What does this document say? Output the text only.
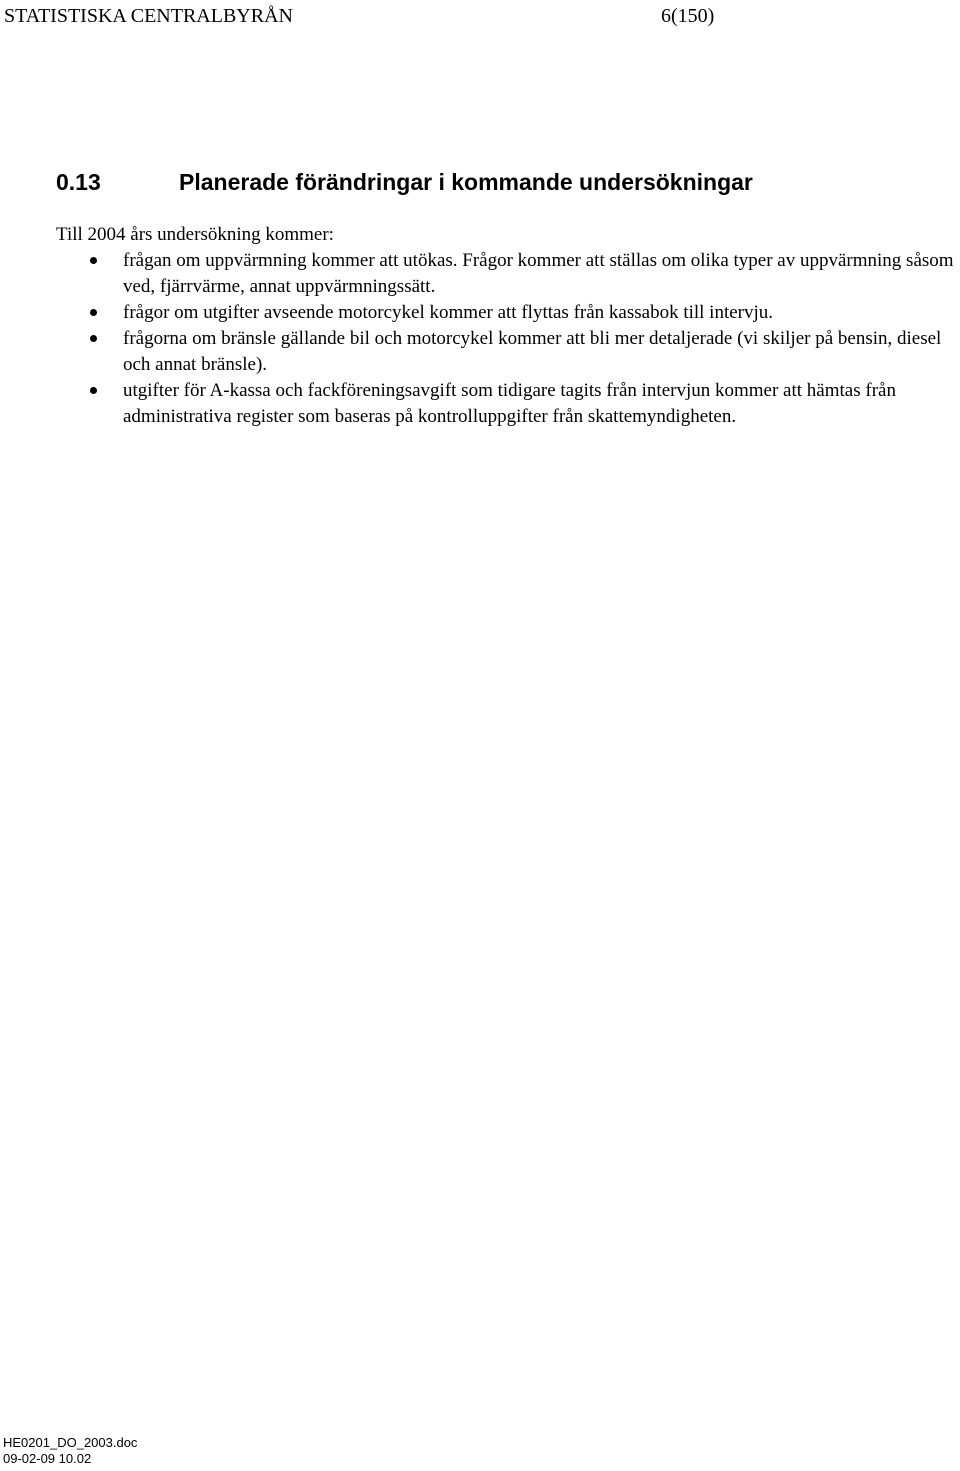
STATISTISKA CENTRALBYRÅN	6(150)
0.13	Planerade förändringar i kommande undersökningar
Till 2004 års undersökning kommer:
frågan om uppvärmning kommer att utökas. Frågor kommer att ställas om olika typer av uppvärmning såsom ved, fjärrvärme, annat uppvärmningssätt.
frågor om utgifter avseende motorcykel kommer att flyttas från kassabok till intervju.
frågorna om bränsle gällande bil och motorcykel kommer att bli mer detaljerade (vi skiljer på bensin, diesel och annat bränsle).
utgifter för A-kassa och fackföreningsavgift som tidigare tagits från intervjun kommer att hämtas från administrativa register som baseras på kontrolluppgifter från skattemyndigheten.
HE0201_DO_2003.doc
09-02-09 10.02
